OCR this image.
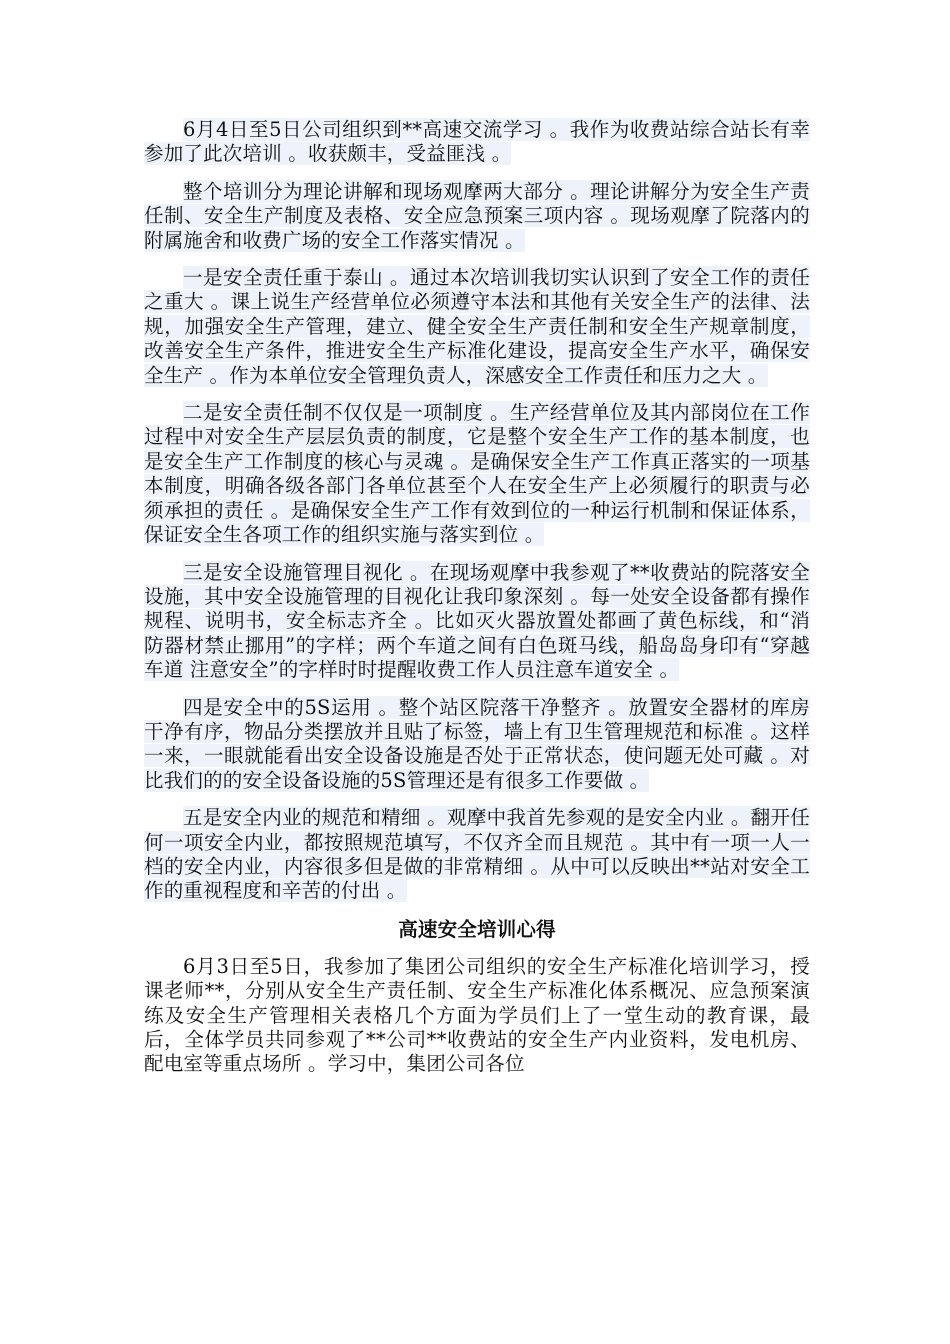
6月4日至5日公司组织到**高速交流学习 。我作为收费站综合站长有幸参加了此次培训 。收获颇丰，受益匪浅 。

整个培训分为理论讲解和现场观摩两大部分 。理论讲解分为安全生产责任制、安全生产制度及表格、安全应急预案三项内容 。现场观摩了院落内的附属施舍和收费广场的安全工作落实情况 。

一是安全责任重于泰山 。通过本次培训我切实认识到了安全工作的责任之重大 。课上说生产经营单位必须遵守本法和其他有关安全生产的法律、法规，加强安全生产管理，建立、健全安全生产责任制和安全生产规章制度，改善安全生产条件，推进安全生产标准化建设，提高安全生产水平，确保安全生产 。作为本单位安全管理负责人，深感安全工作责任和压力之大 。

二是安全责任制不仅仅是一项制度 。生产经营单位及其内部岗位在工作过程中对安全生产层层负责的制度，它是整个安全生产工作的基本制度，也是安全生产工作制度的核心与灵魂 。是确保安全生产工作真正落实的一项基本制度，明确各级各部门各单位甚至个人在安全生产上必须履行的职责与必须承担的责任 。是确保安全生产工作有效到位的一种运行机制和保证体系，保证安全生各项工作的组织实施与落实到位 。

三是安全设施管理目视化 。在现场观摩中我参观了**收费站的院落安全设施，其中安全设施管理的目视化让我印象深刻 。每一处安全设备都有操作规程、说明书，安全标志齐全 。比如灭火器放置处都画了黄色标线，和“消防器材禁止挪用”的字样；两个车道之间有白色斑马线，船岛岛身印有“穿越车道 注意安全”的字样时时提醒收费工作人员注意车道安全 。

四是安全中的5S运用 。整个站区院落干净整齐 。放置安全器材的库房干净有序，物品分类摆放并且贴了标签，墙上有卫生管理规范和标准 。这样一来，一眼就能看出安全设备设施是否处于正常状态，使问题无处可藏 。对比我们的的安全设备设施的5S管理还是有很多工作要做 。

五是安全内业的规范和精细 。观摩中我首先参观的是安全内业 。翻开任何一项安全内业，都按照规范填写，不仅齐全而且规范 。其中有一项一人一档的安全内业，内容很多但是做的非常精细 。从中可以反映出**站对安全工作的重视程度和辛苦的付出 。

高速安全培训心得

6月3日至5日，我参加了集团公司组织的安全生产标准化培训学习，授课老师**，分别从安全生产责任制、安全生产标准化体系概况、应急预案演练及安全生产管理相关表格几个方面为学员们上了一堂生动的教育课，最后，全体学员共同参观了**公司**收费站的安全生产内业资料，发电机房、配电室等重点场所 。学习中，集团公司各位
